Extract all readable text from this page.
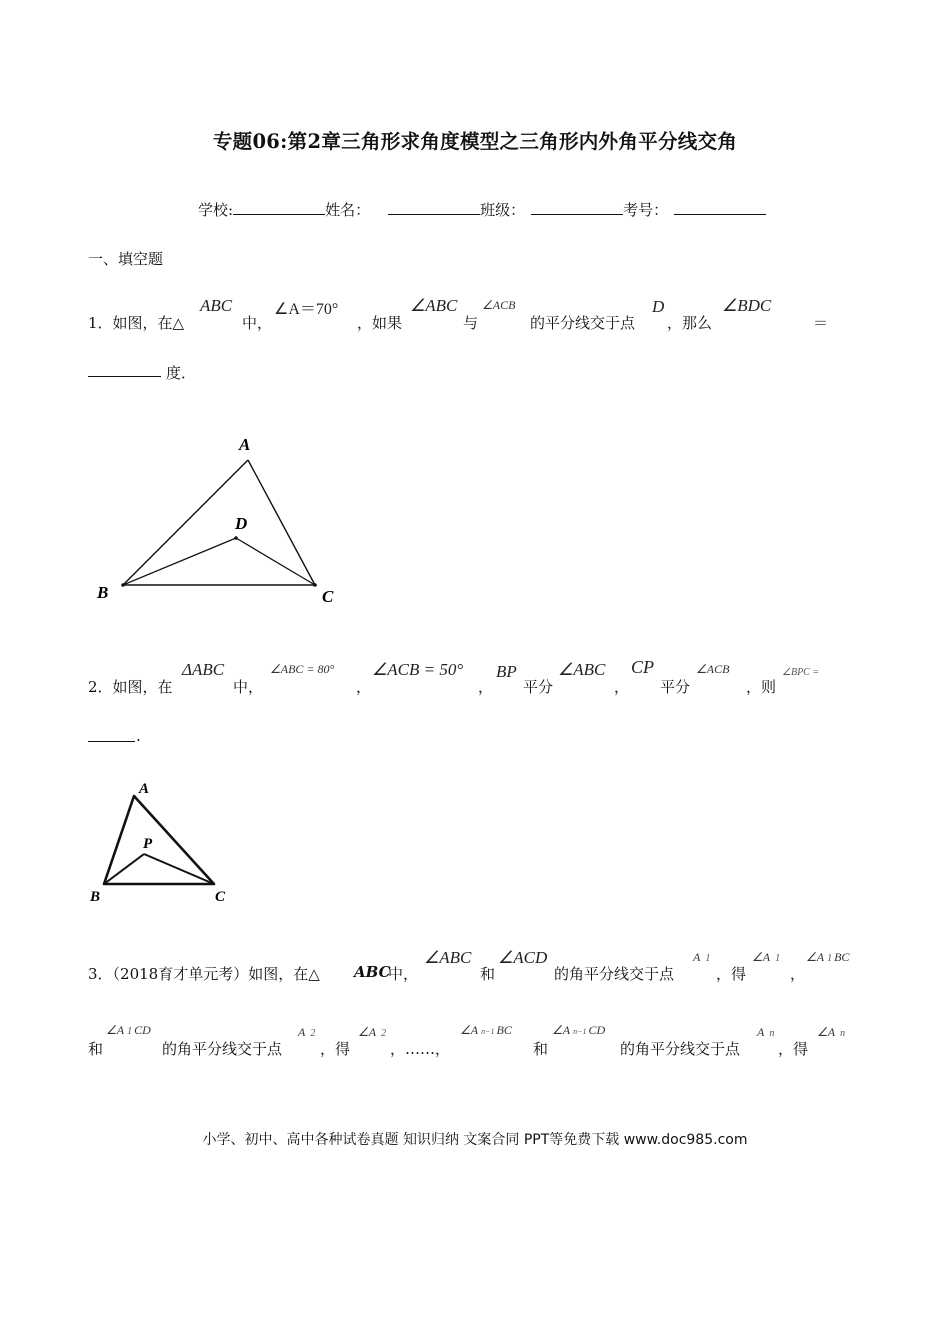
专题06:第2章三角形求角度模型之三角形内外角平分线交角
学校:	姓名：	班级：	考号：
一、填空题
1．如图，在△
ABC
中，
∠A＝70°
，如果
∠ABC
与
∠ACB
的平分线交于点
D
，那么
∠BDC
＝
度．
A
D
B	C
2．如图，在
ΔABC
中，
∠ABC = 80°
，
∠ACB = 50°
，
BP
平分
∠ABC
，
CP
平分
∠ACB
，则
∠BPC =
.
A
P
B	C
3．（2018育才单元考）如图，在△ ABC
中，
∠ABC
和
∠ACD
的角平分线交于点
A 1
，得
∠A 1
，
∠A 1 BC
和
∠A 1 CD
的角平分线交于点
A 2
，得
∠A 2
，……，
∠A n−1 BC
和
∠A n−1 CD
的角平分线交于点
A n
，得
∠A n
小学、初中、高中各种试卷真题 知识归纳 文案合同 PPT等免费下载 www.doc985.com
